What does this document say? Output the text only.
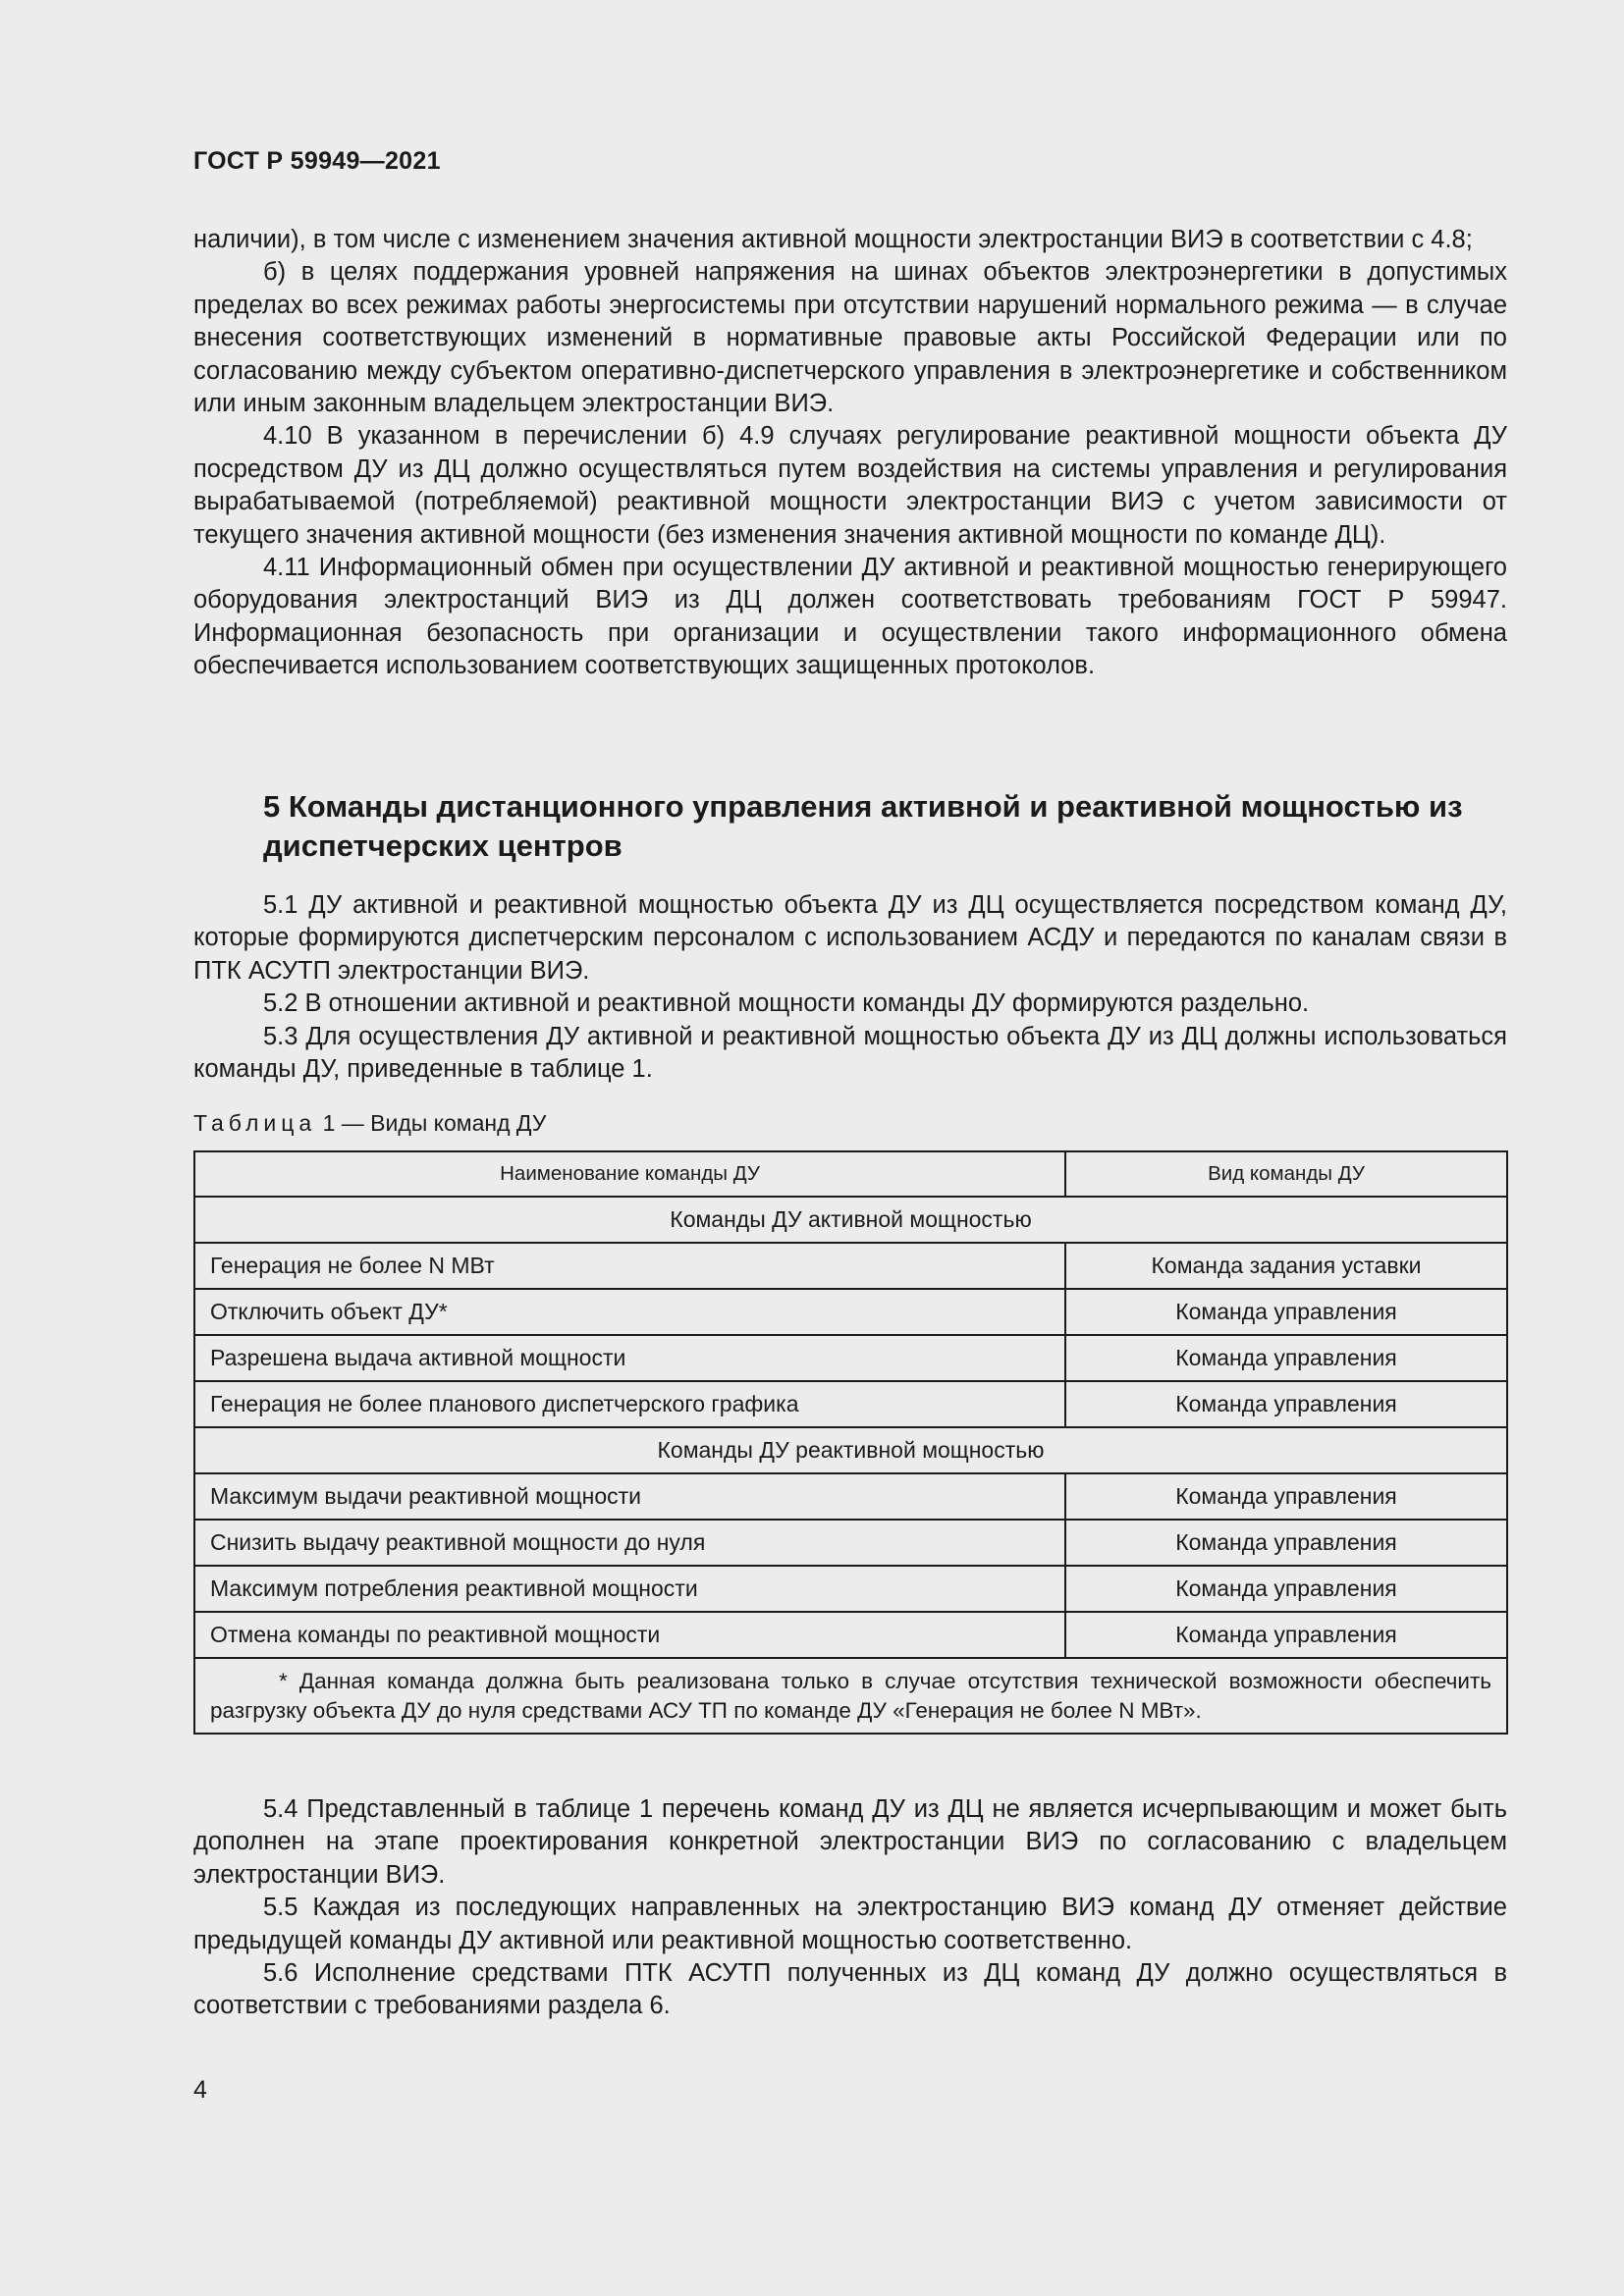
ГОСТ Р 59949—2021

наличии), в том числе с изменением значения активной мощности электростанции ВИЭ в соответствии с 4.8;

б) в целях поддержания уровней напряжения на шинах объектов электроэнергетики в допустимых пределах во всех режимах работы энергосистемы при отсутствии нарушений нормального режима — в случае внесения соответствующих изменений в нормативные правовые акты Российской Федерации или по согласованию между субъектом оперативно-диспетчерского управления в электроэнергетике и собственником или иным законным владельцем электростанции ВИЭ.

4.10 В указанном в перечислении б) 4.9 случаях регулирование реактивной мощности объекта ДУ посредством ДУ из ДЦ должно осуществляться путем воздействия на системы управления и регулирования вырабатываемой (потребляемой) реактивной мощности электростанции ВИЭ с учетом зависимости от текущего значения активной мощности (без изменения значения активной мощности по команде ДЦ).

4.11 Информационный обмен при осуществлении ДУ активной и реактивной мощностью генерирующего оборудования электростанций ВИЭ из ДЦ должен соответствовать требованиям ГОСТ Р 59947. Информационная безопасность при организации и осуществлении такого информационного обмена обеспечивается использованием соответствующих защищенных протоколов.

5 Команды дистанционного управления активной и реактивной мощностью из диспетчерских центров

5.1 ДУ активной и реактивной мощностью объекта ДУ из ДЦ осуществляется посредством команд ДУ, которые формируются диспетчерским персоналом с использованием АСДУ и передаются по каналам связи в ПТК АСУТП электростанции ВИЭ.

5.2 В отношении активной и реактивной мощности команды ДУ формируются раздельно.

5.3 Для осуществления ДУ активной и реактивной мощностью объекта ДУ из ДЦ должны использоваться команды ДУ, приведенные в таблице 1.

Таблица 1 — Виды команд ДУ
Наименование команды ДУ	Вид команды ДУ
Команды ДУ активной мощностью	
Генерация не более N МВт	Команда задания уставки
Отключить объект ДУ*	Команда управления
Разрешена выдача активной мощности	Команда управления
Генерация не более планового диспетчерского графика	Команда управления
Команды ДУ реактивной мощностью	
Максимум выдачи реактивной мощности	Команда управления
Снизить выдачу реактивной мощности до нуля	Команда управления
Максимум потребления реактивной мощности	Команда управления
Отмена команды по реактивной мощности	Команда управления
* Данная команда должна быть реализована только в случае отсутствия технической возможности обеспечить разгрузку объекта ДУ до нуля средствами АСУ ТП по команде ДУ «Генерация не более N МВт».	

5.4 Представленный в таблице 1 перечень команд ДУ из ДЦ не является исчерпывающим и может быть дополнен на этапе проектирования конкретной электростанции ВИЭ по согласованию с владельцем электростанции ВИЭ.

5.5 Каждая из последующих направленных на электростанцию ВИЭ команд ДУ отменяет действие предыдущей команды ДУ активной или реактивной мощностью соответственно.

5.6 Исполнение средствами ПТК АСУТП полученных из ДЦ команд ДУ должно осуществляться в соответствии с требованиями раздела 6.

4
